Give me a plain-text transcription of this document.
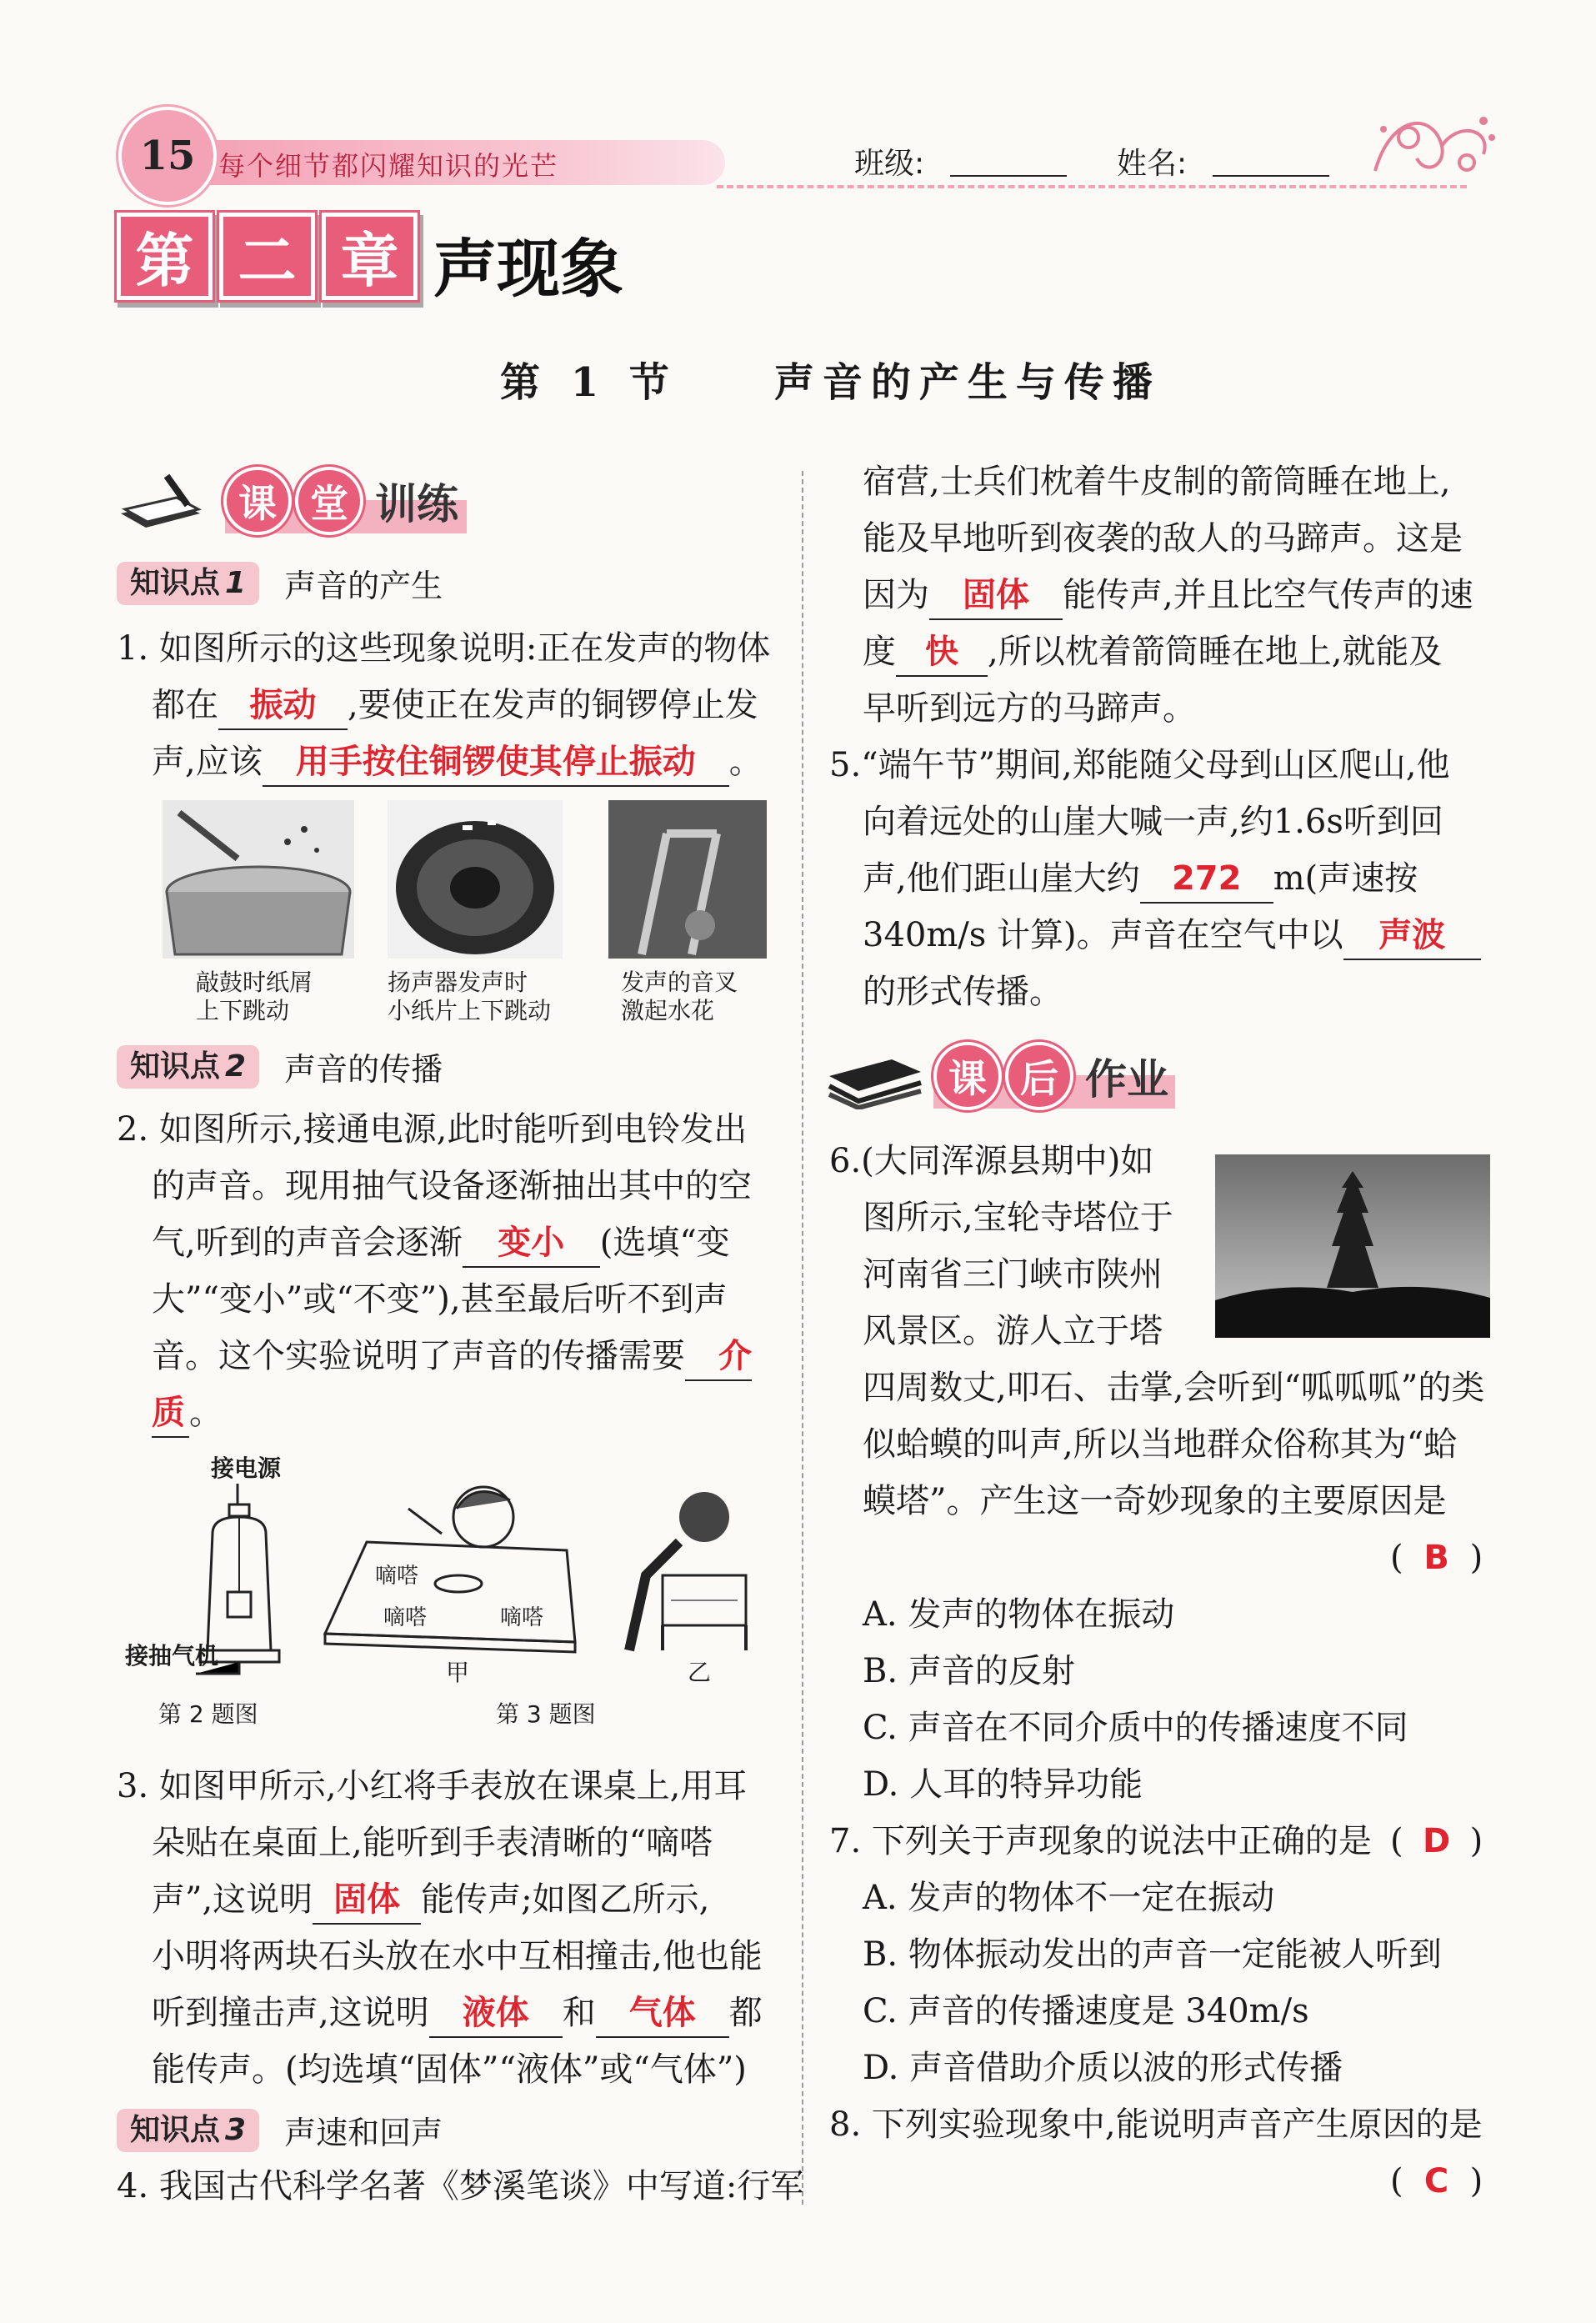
15 每个细节都闪耀知识的光芒	班级:	姓名:
第 二 章 声现象
第 1 节　　声音的产生与传播
课 堂 训练
知识点 1	声音的产生
1. 如图所示的这些现象说明:正在发声的物体
都在 振动 ,要使正在发声的铜锣停止发
声,应该 用手按住铜锣使其停止振动 。
敲鼓时纸屑
上下跳动
扬声器发声时
小纸片上下跳动
发声的音叉
激起水花
知识点 2	声音的传播
2. 如图所示,接通电源,此时能听到电铃发出
的声音。现用抽气设备逐渐抽出其中的空
气,听到的声音会逐渐 变小 (选填“变
大”“变小”或“不变”),甚至最后听不到声
音。这个实验说明了声音的传播需要 介
质 。
接电源
接抽气机
第 2 题图
嘀嗒
嘀嗒	嘀嗒
甲	乙
第 3 题图
3. 如图甲所示,小红将手表放在课桌上,用耳
朵贴在桌面上,能听到手表清晰的“嘀嗒
声”,这说明 固体 能传声;如图乙所示,
小明将两块石头放在水中互相撞击,他也能
听到撞击声,这说明 液体 和 气体 都
能传声。(均选填“固体”“液体”或“气体”)
知识点 3	声速和回声
4. 我国古代科学名著《梦溪笔谈》中写道:行军
宿营,士兵们枕着牛皮制的箭筒睡在地上,
能及早地听到夜袭的敌人的马蹄声。这是
因为 固体 能传声,并且比空气传声的速
度 快 ,所以枕着箭筒睡在地上,就能及
早听到远方的马蹄声。
5.“端午节”期间,郑能随父母到山区爬山,他
向着远处的山崖大喊一声,约1.6s听到回
声,他们距山崖大约 272 m(声速按
340m/s 计算)。声音在空气中以 声波
的形式传播。
课 后 作业
6.(大同浑源县期中)如
图所示,宝轮寺塔位于
河南省三门峡市陕州
风景区。游人立于塔
四周数丈,叩石、击掌,会听到“呱呱呱”的类
似蛤蟆的叫声,所以当地群众俗称其为“蛤
蟆塔”。产生这一奇妙现象的主要原因是
( B )
A. 发声的物体在振动
B. 声音的反射
C. 声音在不同介质中的传播速度不同
D. 人耳的特异功能
7. 下列关于声现象的说法中正确的是 ( D )
A. 发声的物体不一定在振动
B. 物体振动发出的声音一定能被人听到
C. 声音的传播速度是 340m/s
D. 声音借助介质以波的形式传播
8. 下列实验现象中,能说明声音产生原因的是
( C )
